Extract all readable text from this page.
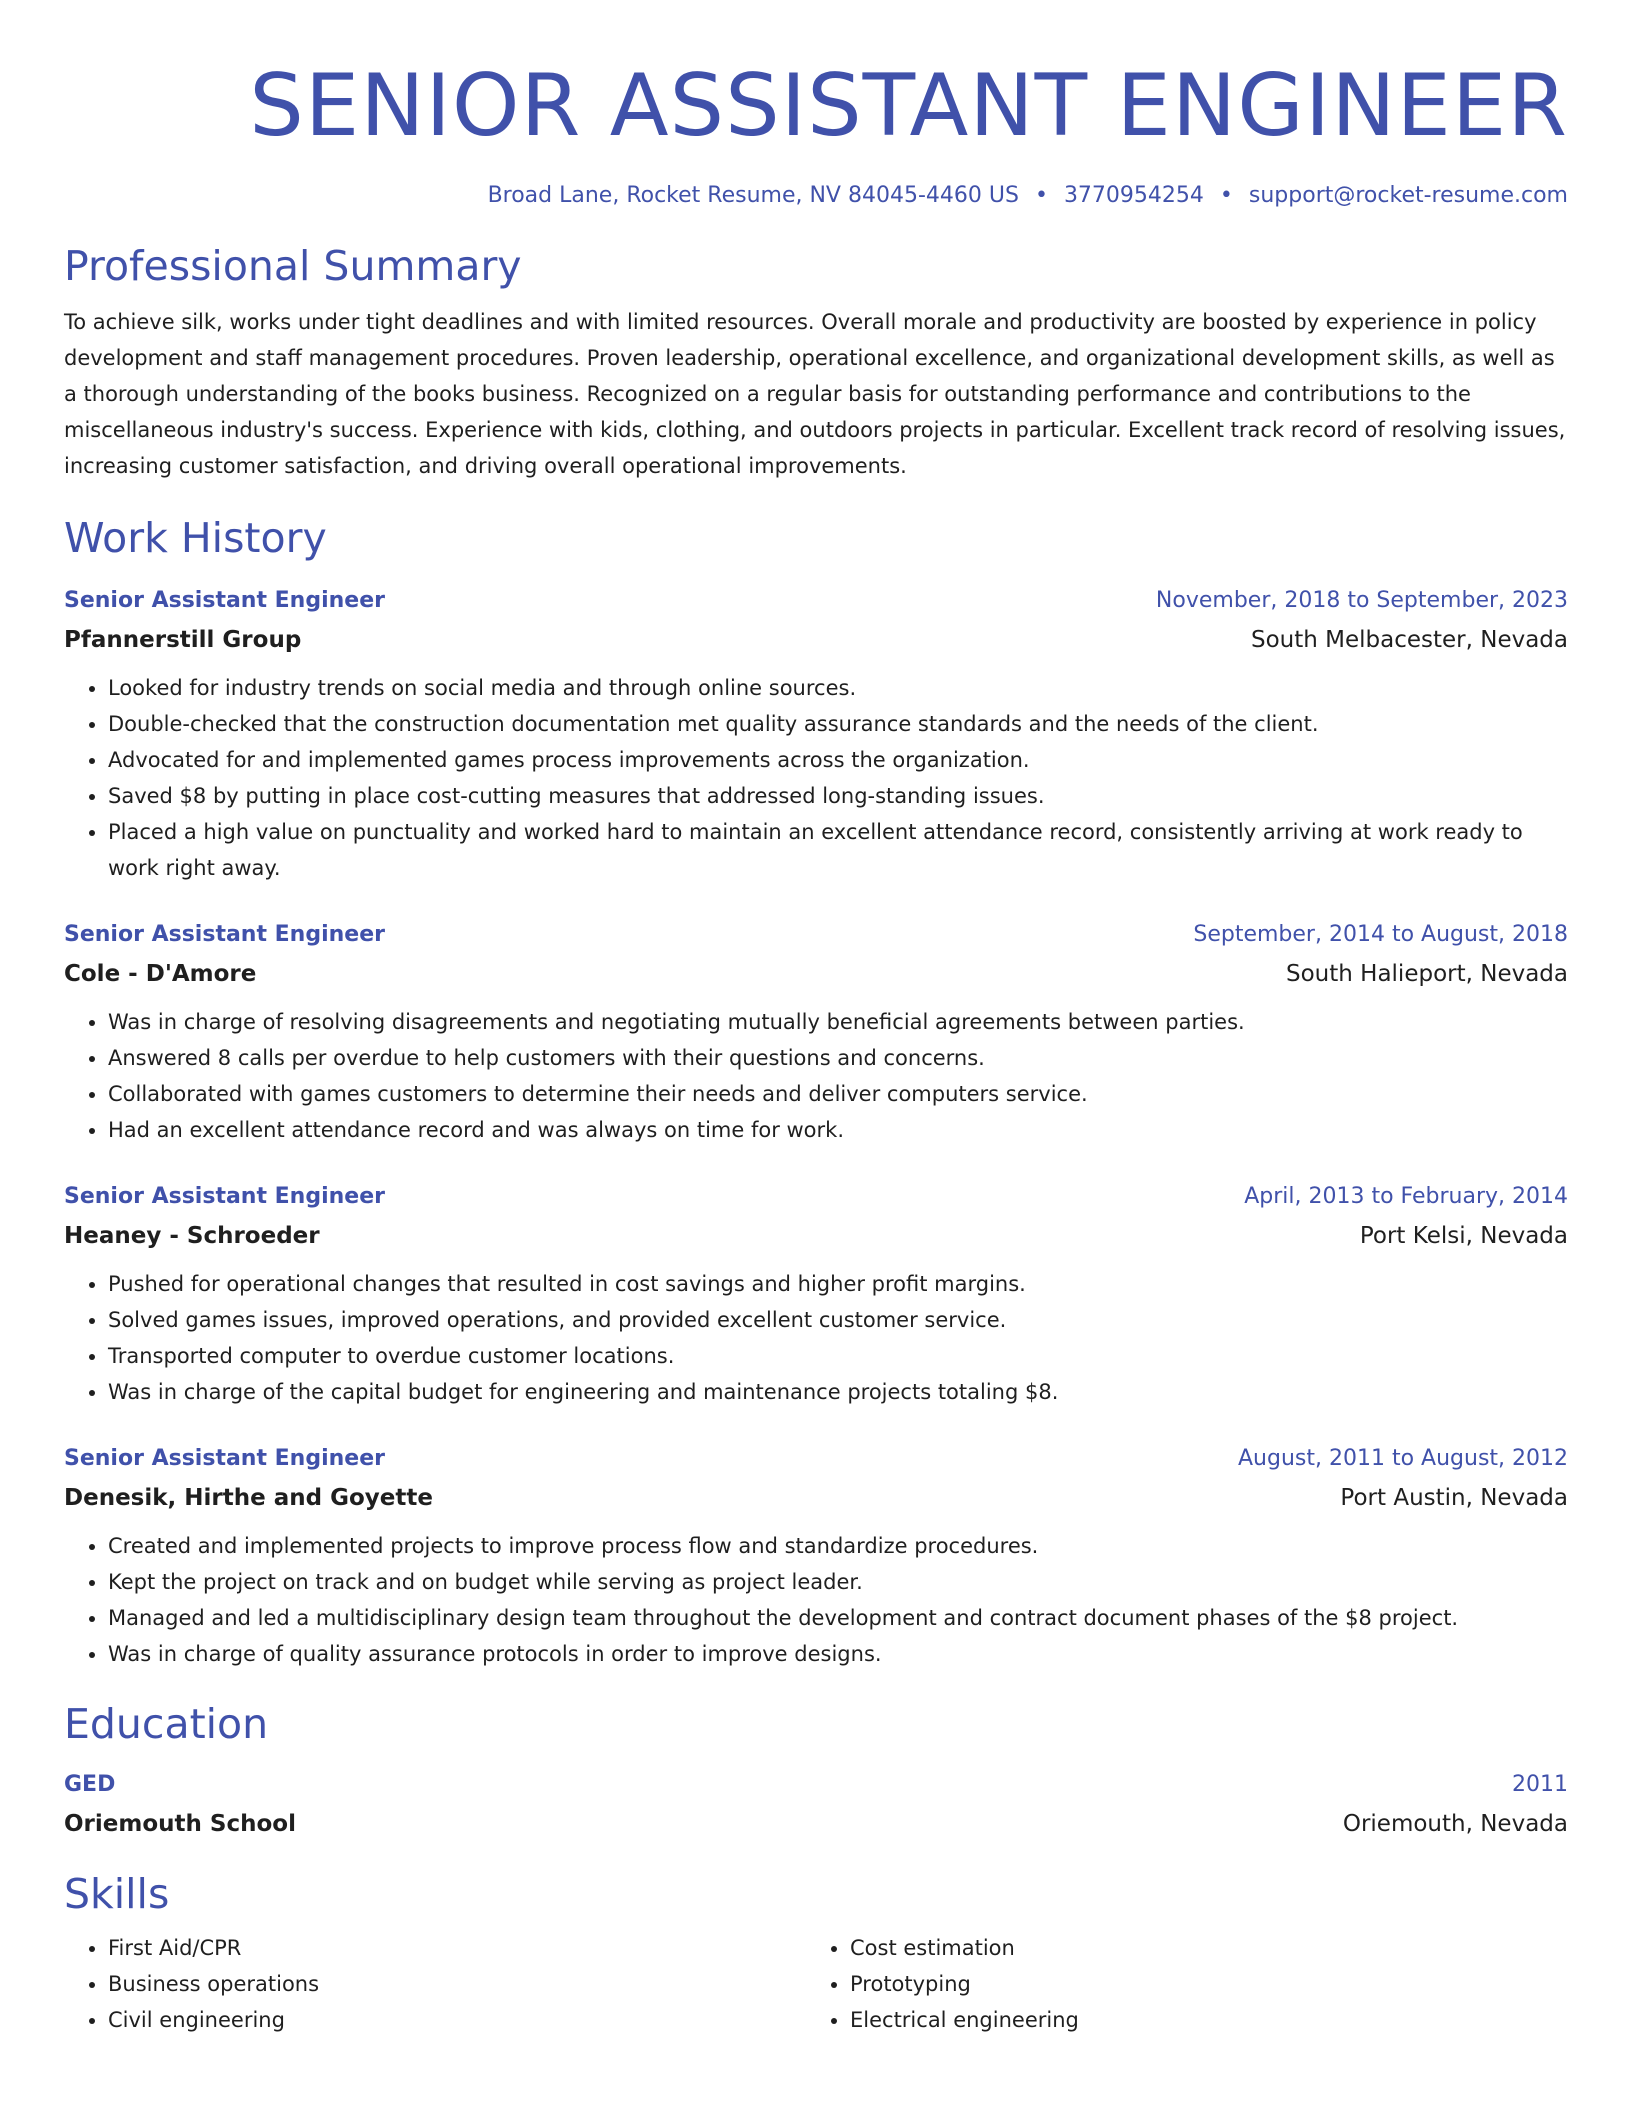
SENIOR ASSISTANT ENGINEER
Broad Lane, Rocket Resume, NV 84045-4460 US • 3770954254 • support@rocket-resume.com
Professional Summary
To achieve silk, works under tight deadlines and with limited resources. Overall morale and productivity are boosted by experience in policy development and staff management procedures. Proven leadership, operational excellence, and organizational development skills, as well as a thorough understanding of the books business. Recognized on a regular basis for outstanding performance and contributions to the miscellaneous industry's success. Experience with kids, clothing, and outdoors projects in particular. Excellent track record of resolving issues, increasing customer satisfaction, and driving overall operational improvements.
Work History
Senior Assistant Engineer	November, 2018 to September, 2023
Pfannerstill Group	South Melbacester, Nevada
• Looked for industry trends on social media and through online sources.
• Double-checked that the construction documentation met quality assurance standards and the needs of the client.
• Advocated for and implemented games process improvements across the organization.
• Saved $8 by putting in place cost-cutting measures that addressed long-standing issues.
• Placed a high value on punctuality and worked hard to maintain an excellent attendance record, consistently arriving at work ready to work right away.
Senior Assistant Engineer	September, 2014 to August, 2018
Cole - D'Amore	South Halieport, Nevada
• Was in charge of resolving disagreements and negotiating mutually beneficial agreements between parties.
• Answered 8 calls per overdue to help customers with their questions and concerns.
• Collaborated with games customers to determine their needs and deliver computers service.
• Had an excellent attendance record and was always on time for work.
Senior Assistant Engineer	April, 2013 to February, 2014
Heaney - Schroeder	Port Kelsi, Nevada
• Pushed for operational changes that resulted in cost savings and higher profit margins.
• Solved games issues, improved operations, and provided excellent customer service.
• Transported computer to overdue customer locations.
• Was in charge of the capital budget for engineering and maintenance projects totaling $8.
Senior Assistant Engineer	August, 2011 to August, 2012
Denesik, Hirthe and Goyette	Port Austin, Nevada
• Created and implemented projects to improve process flow and standardize procedures.
• Kept the project on track and on budget while serving as project leader.
• Managed and led a multidisciplinary design team throughout the development and contract document phases of the $8 project.
• Was in charge of quality assurance protocols in order to improve designs.
Education
GED	2011
Oriemouth School	Oriemouth, Nevada
Skills
• First Aid/CPR
• Business operations
• Civil engineering
• Cost estimation
• Prototyping
• Electrical engineering
